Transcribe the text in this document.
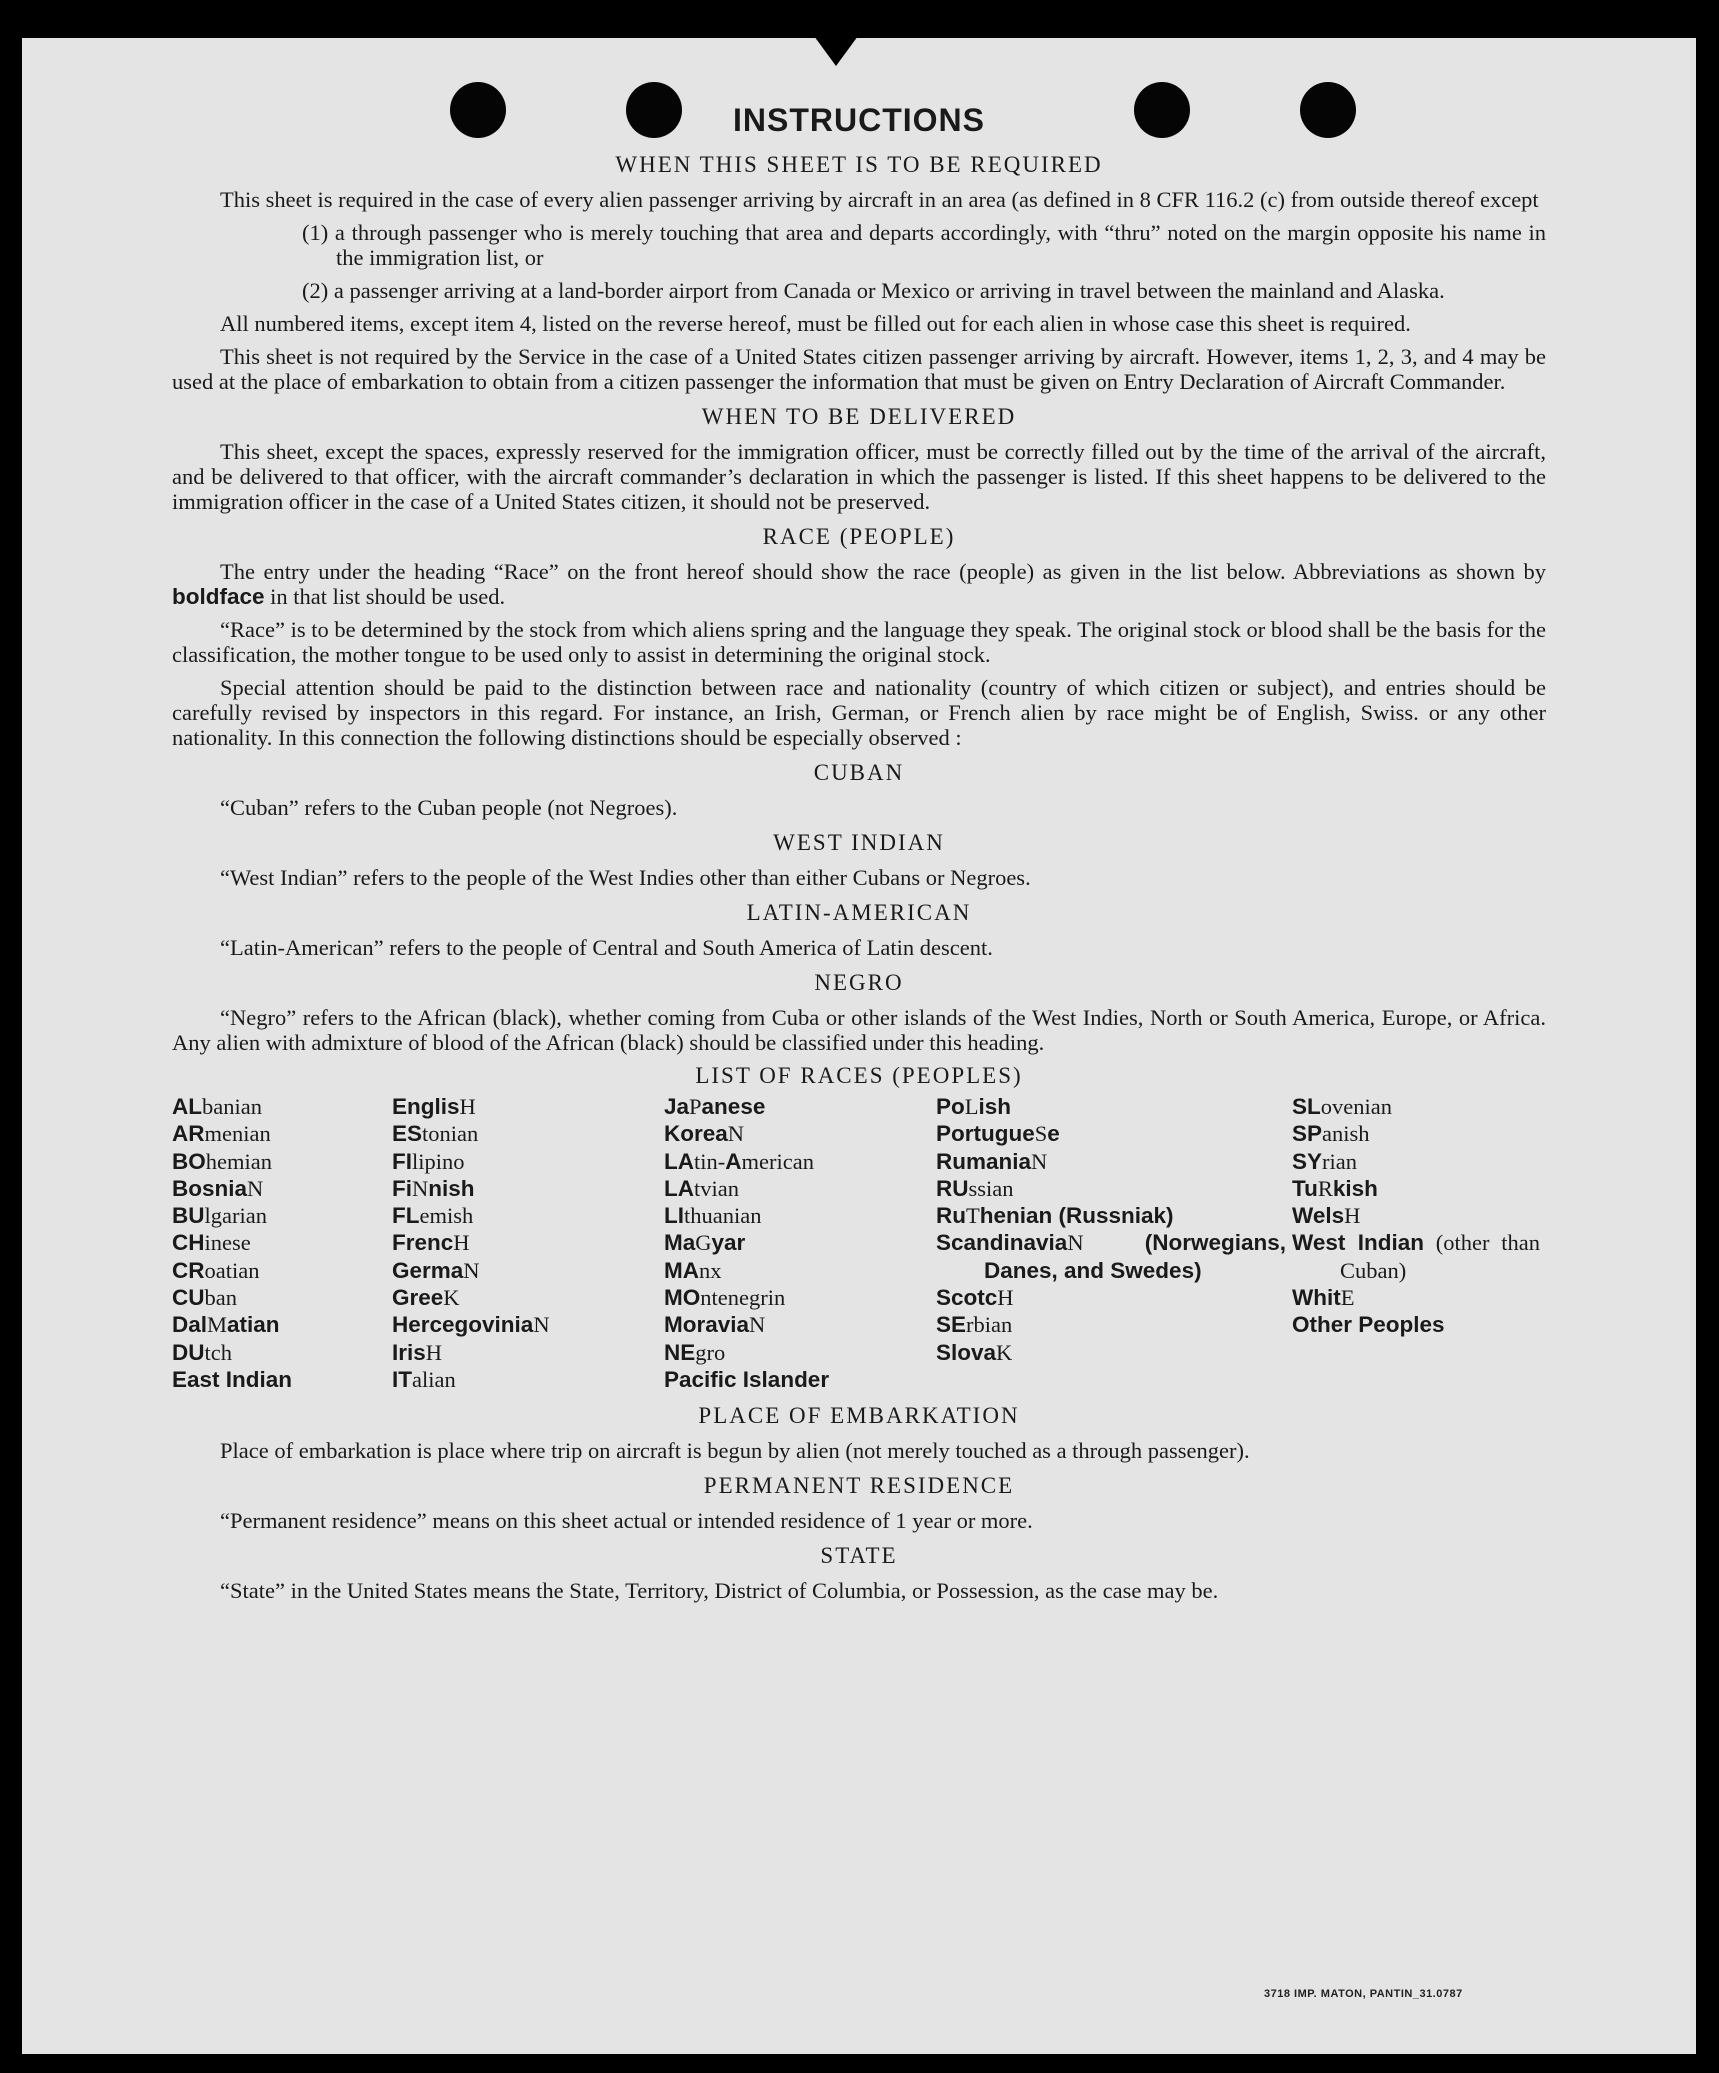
INSTRUCTIONS
WHEN THIS SHEET IS TO BE REQUIRED

This sheet is required in the case of every alien passenger arriving by aircraft in an area (as defined in 8 CFR 116.2 (c) from outside thereof except

(1) a through passenger who is merely touching that area and departs accordingly, with “thru” noted on the margin opposite his name in the immigration list, or

(2) a passenger arriving at a land-border airport from Canada or Mexico or arriving in travel between the mainland and Alaska.

All numbered items, except item 4, listed on the reverse hereof, must be filled out for each alien in whose case this sheet is required.

This sheet is not required by the Service in the case of a United States citizen passenger arriving by aircraft. However, items 1, 2, 3, and 4 may be used at the place of embarkation to obtain from a citizen passenger the information that must be given on Entry Declaration of Aircraft Commander.

WHEN TO BE DELIVERED

This sheet, except the spaces, expressly reserved for the immigration officer, must be correctly filled out by the time of the arrival of the aircraft, and be delivered to that officer, with the aircraft commander’s declaration in which the passenger is listed. If this sheet happens to be delivered to the immigration officer in the case of a United States citizen, it should not be preserved.

RACE (PEOPLE)

The entry under the heading “Race” on the front hereof should show the race (people) as given in the list below. Abbreviations as shown by boldface in that list should be used.

“Race” is to be determined by the stock from which aliens spring and the language they speak. The original stock or blood shall be the basis for the classification, the mother tongue to be used only to assist in determining the original stock.

Special attention should be paid to the distinction between race and nationality (country of which citizen or subject), and entries should be carefully revised by inspectors in this regard. For instance, an Irish, German, or French alien by race might be of English, Swiss. or any other nationality. In this connection the following distinctions should be especially observed :

CUBAN

“Cuban” refers to the Cuban people (not Negroes).

WEST INDIAN

“West Indian” refers to the people of the West Indies other than either Cubans or Negroes.

LATIN-AMERICAN

“Latin-American” refers to the people of Central and South America of Latin descent.

NEGRO

“Negro” refers to the African (black), whether coming from Cuba or other islands of the West Indies, North or South America, Europe, or Africa. Any alien with admixture of blood of the African (black) should be classified under this heading.

LIST OF RACES (PEOPLES)
ALbanian
ARmenian
BOhemian
BosniaN
BUlgarian
CHinese
CRoatian
CUban
DalMatian
DUtch
East Indian
EnglisH
EStonian
FIlipino
FiNnish
FLemish
FrencH
GermaN
GreeK
HercegoviniaN
IrisH
ITalian
JaPanese
KoreaN
LAtin-American
LAtvian
LIthuanian
MaGyar
MAnx
MOntenegrin
MoraviaN
NEgro
Pacific Islander
PoLish
PortugueSe
RumaniaN
RUssian
RuThenian (Russniak)
ScandinaviaN (Norwegians, Danes, and Swedes)
ScotcH
SErbian
SlovaK
SLovenian
SPanish
SYrian
TuRkish
WelsH
West Indian (other than Cuban)
WhitE
Other Peoples
PLACE OF EMBARKATION

Place of embarkation is place where trip on aircraft is begun by alien (not merely touched as a through passenger).

PERMANENT RESIDENCE

“Permanent residence” means on this sheet actual or intended residence of 1 year or more.

STATE

“State” in the United States means the State, Territory, District of Columbia, or Possession, as the case may be.

3718 IMP. MATON, PANTIN_31.0787
